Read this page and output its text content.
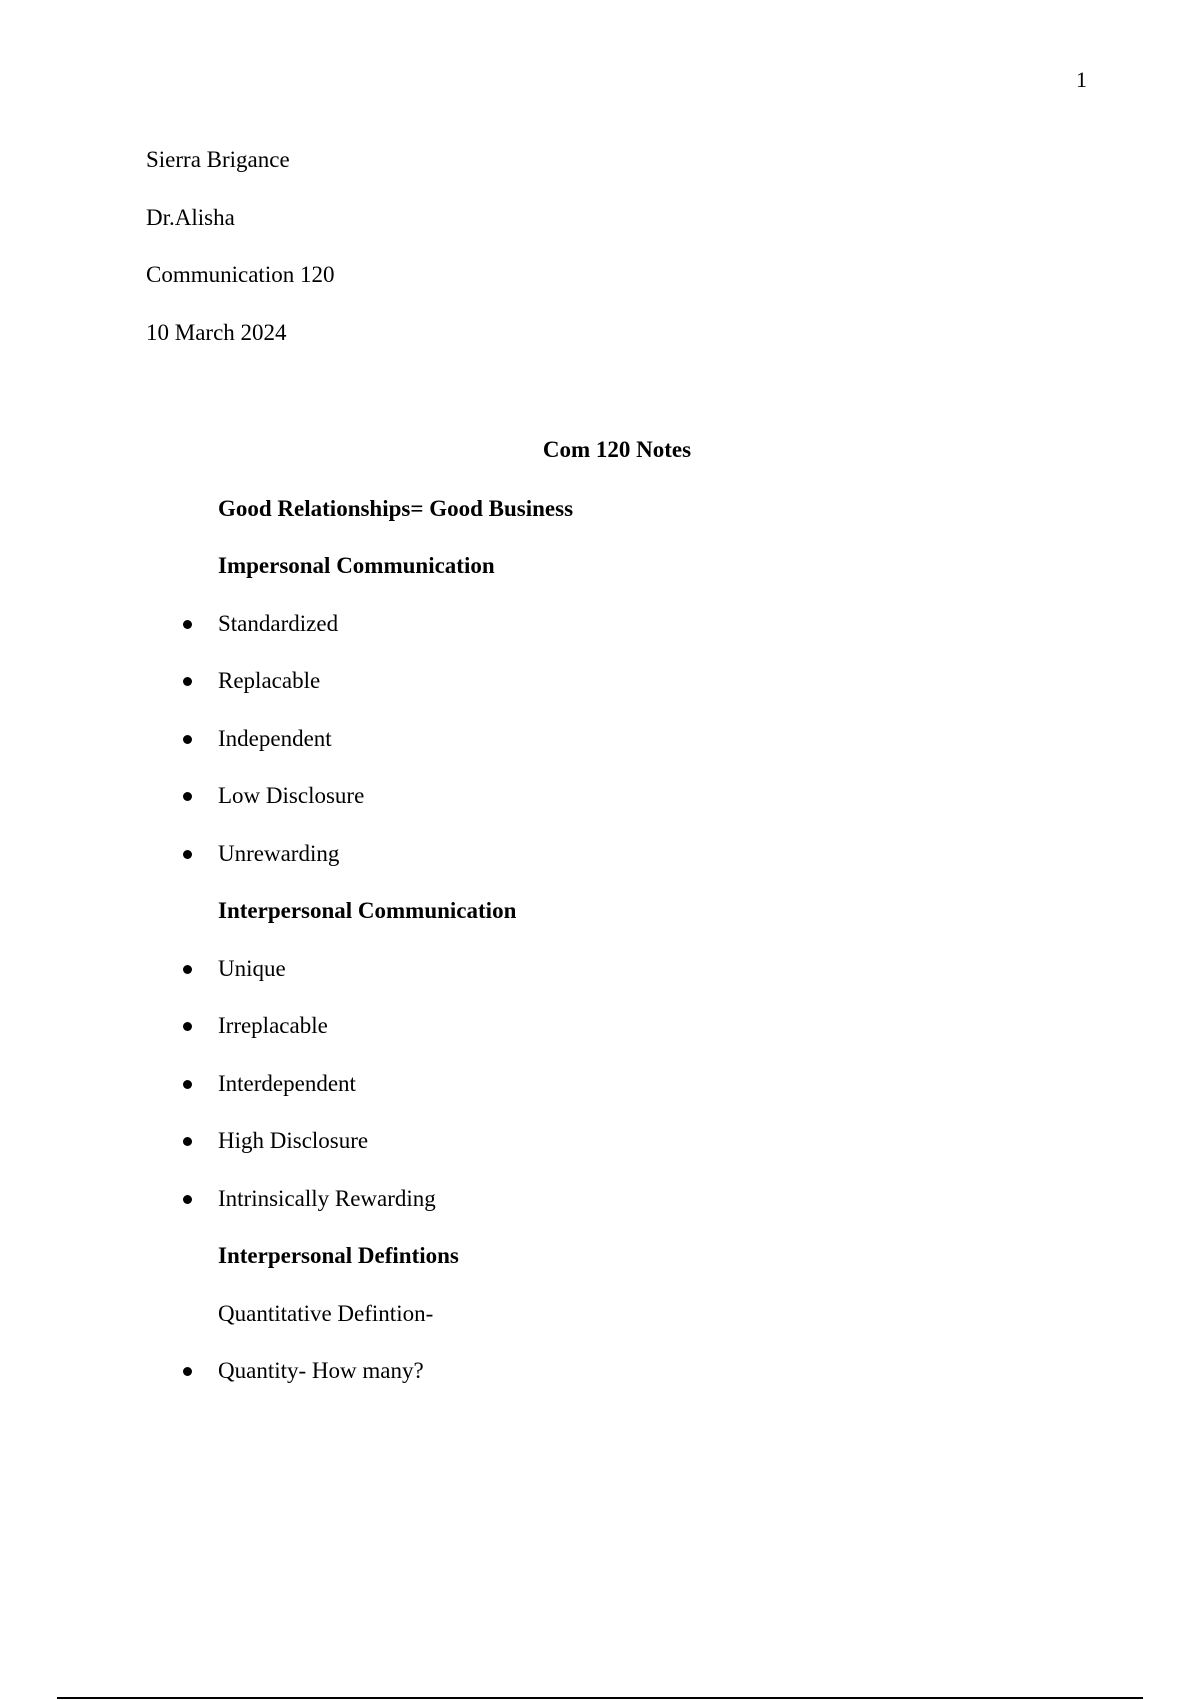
1
Sierra Brigance
Dr.Alisha
Communication 120
10 March 2024
Com 120 Notes
Good Relationships= Good Business
Impersonal Communication
Standardized
Replacable
Independent
Low Disclosure
Unrewarding
Interpersonal Communication
Unique
Irreplacable
Interdependent
High Disclosure
Intrinsically Rewarding
Interpersonal Defintions
Quantitative Defintion-
Quantity- How many?
